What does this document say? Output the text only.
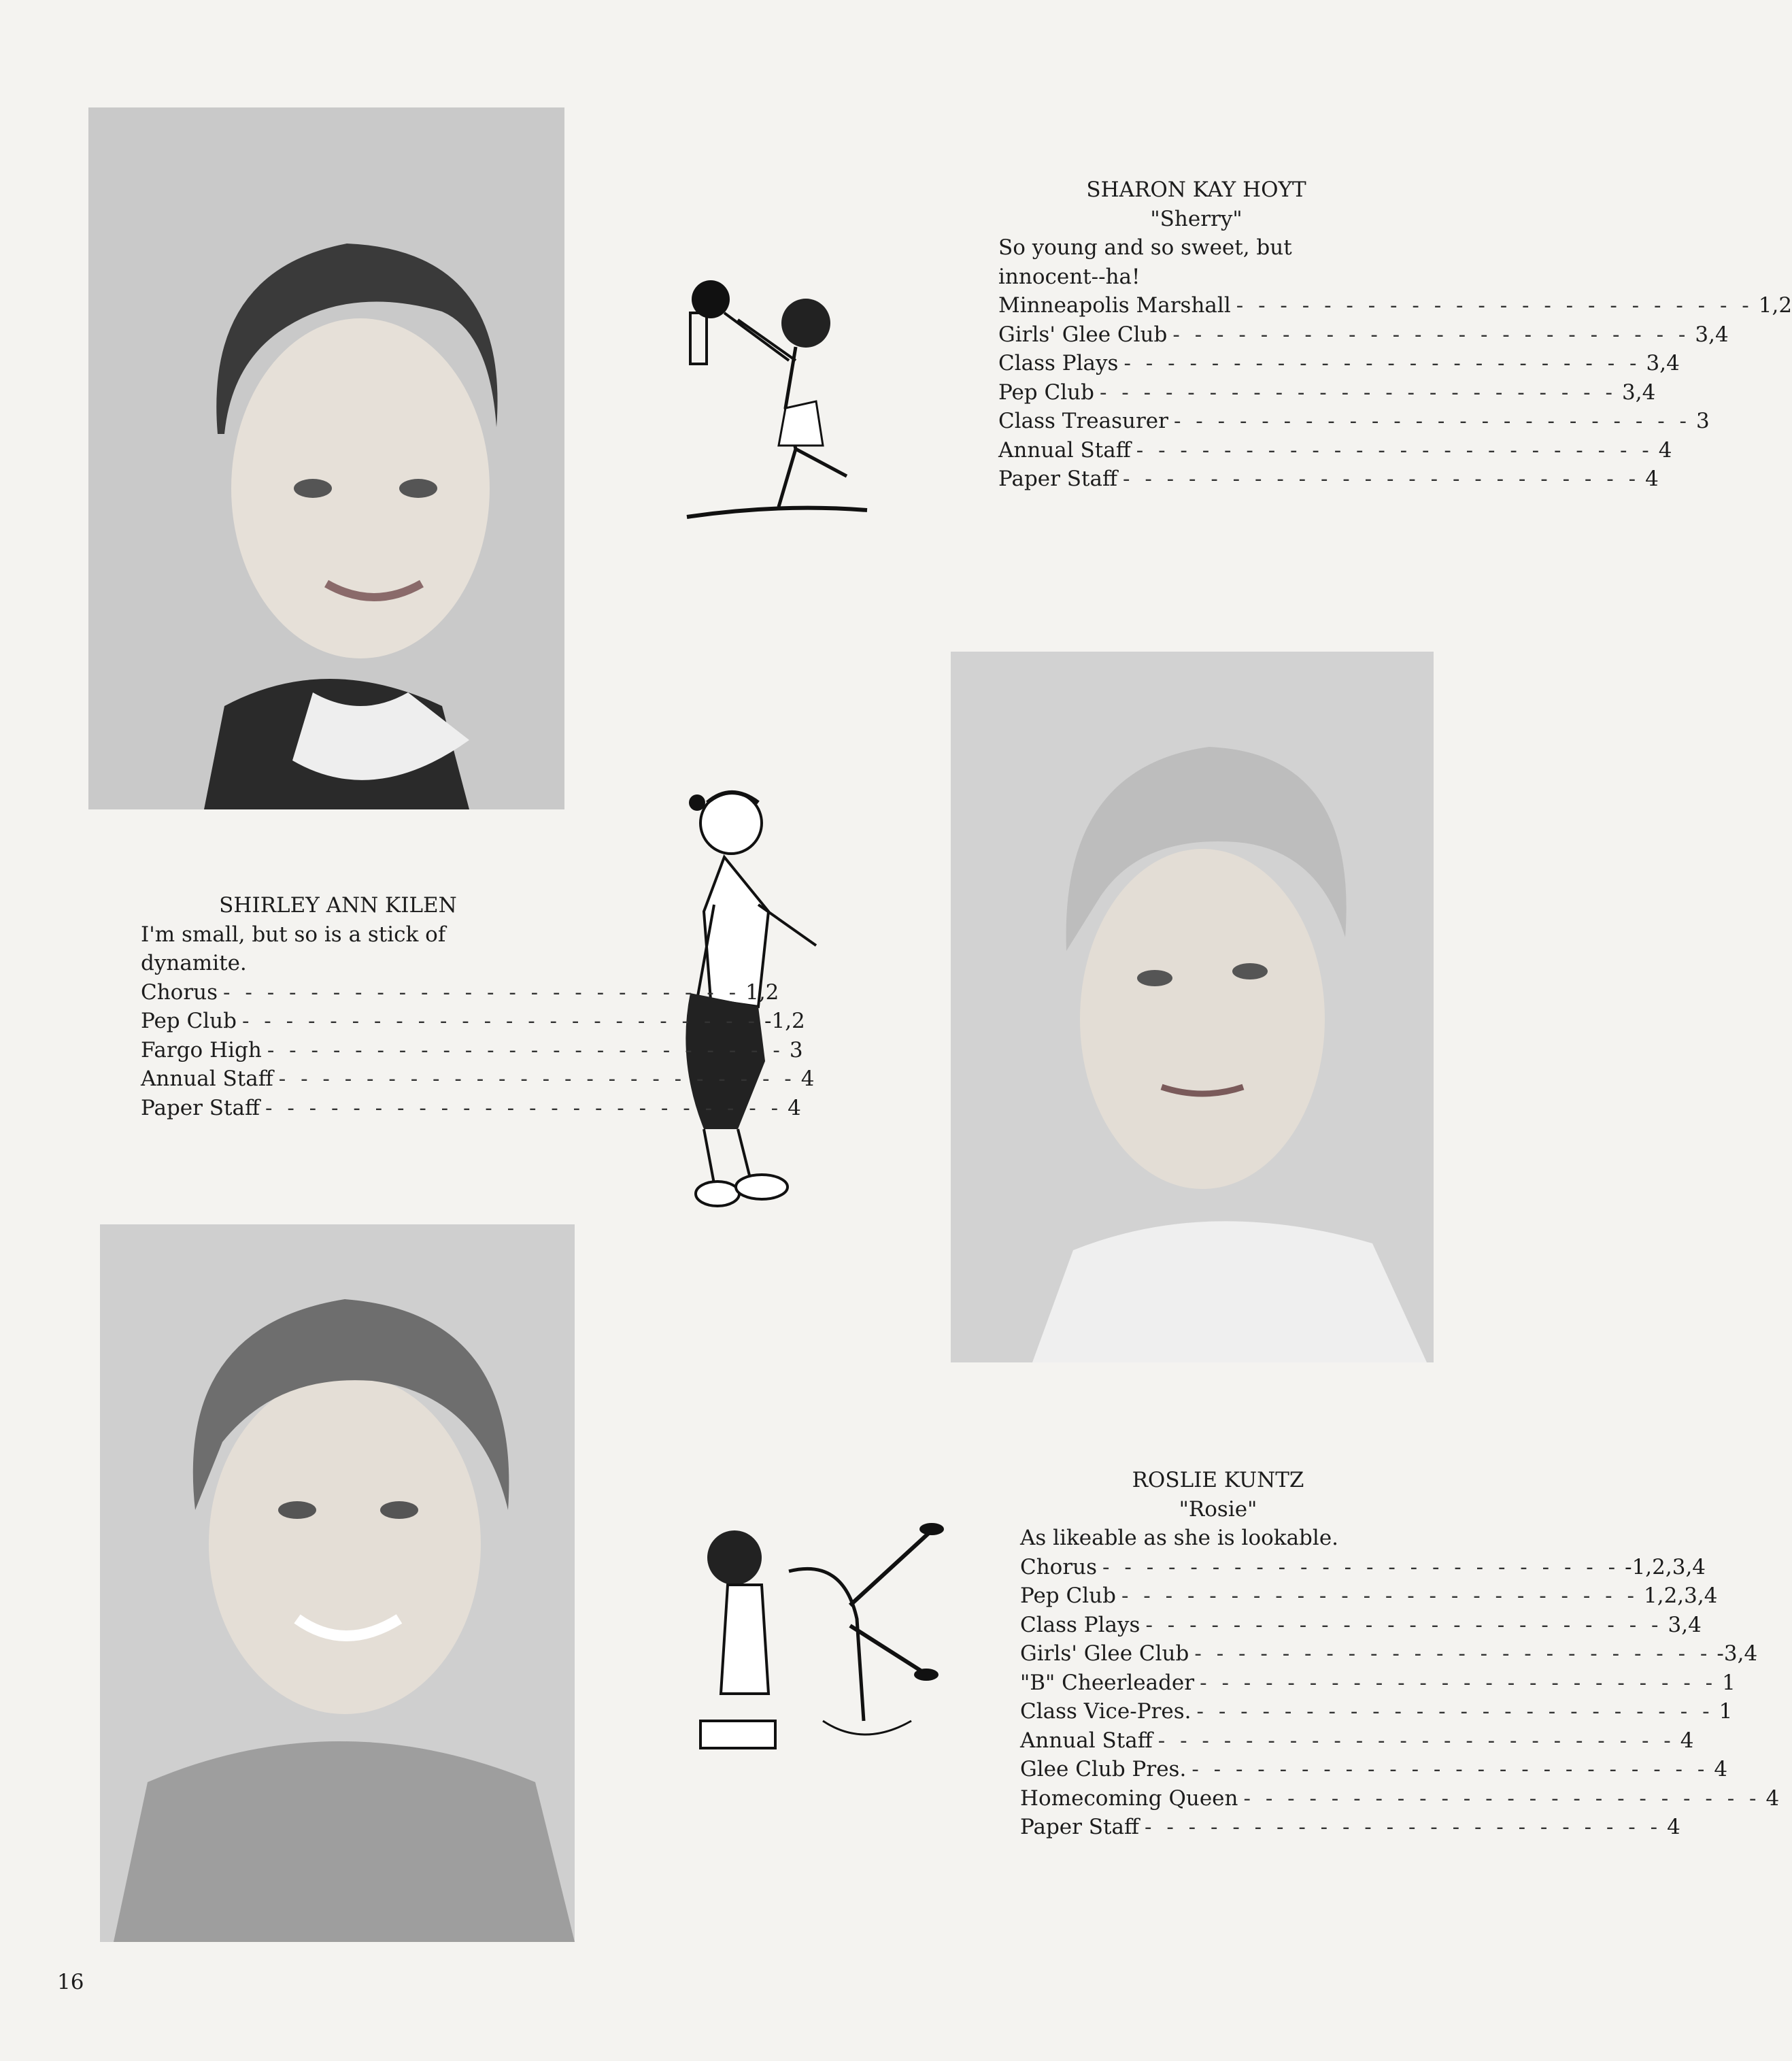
SHARON KAY HOYT
"Sherry"
So young and so sweet, but innocent--ha!
Minneapolis Marshall - - - - - - - - - - - - - - - - - - - - - - - - 1,2
Girls' Glee Club - - - - - - - - - - - - - - - - - - - - - - - - 3,4
Class Plays - - - - - - - - - - - - - - - - - - - - - - - - 3,4
Pep Club - - - - - - - - - - - - - - - - - - - - - - - - 3,4
Class Treasurer - - - - - - - - - - - - - - - - - - - - - - - - 3
Annual Staff - - - - - - - - - - - - - - - - - - - - - - - - 4
Paper Staff - - - - - - - - - - - - - - - - - - - - - - - - 4
SHIRLEY ANN KILEN
I'm small, but so is a stick of dynamite.
Chorus - - - - - - - - - - - - - - - - - - - - - - - - 1,2
Pep Club - - - - - - - - - - - - - - - - - - - - - - - - -1,2
Fargo High - - - - - - - - - - - - - - - - - - - - - - - - 3
Annual Staff - - - - - - - - - - - - - - - - - - - - - - - - 4
Paper Staff - - - - - - - - - - - - - - - - - - - - - - - - 4
ROSLIE KUNTZ
"Rosie"
As likeable as she is lookable.
Chorus - - - - - - - - - - - - - - - - - - - - - - - - -1,2,3,4
Pep Club - - - - - - - - - - - - - - - - - - - - - - - - 1,2,3,4
Class Plays - - - - - - - - - - - - - - - - - - - - - - - - 3,4
Girls' Glee Club - - - - - - - - - - - - - - - - - - - - - - - - -3,4
"B" Cheerleader - - - - - - - - - - - - - - - - - - - - - - - - 1
Class Vice-Pres. - - - - - - - - - - - - - - - - - - - - - - - - 1
Annual Staff - - - - - - - - - - - - - - - - - - - - - - - - 4
Glee Club Pres. - - - - - - - - - - - - - - - - - - - - - - - - 4
Homecoming Queen - - - - - - - - - - - - - - - - - - - - - - - - 4
Paper Staff - - - - - - - - - - - - - - - - - - - - - - - - 4
16
